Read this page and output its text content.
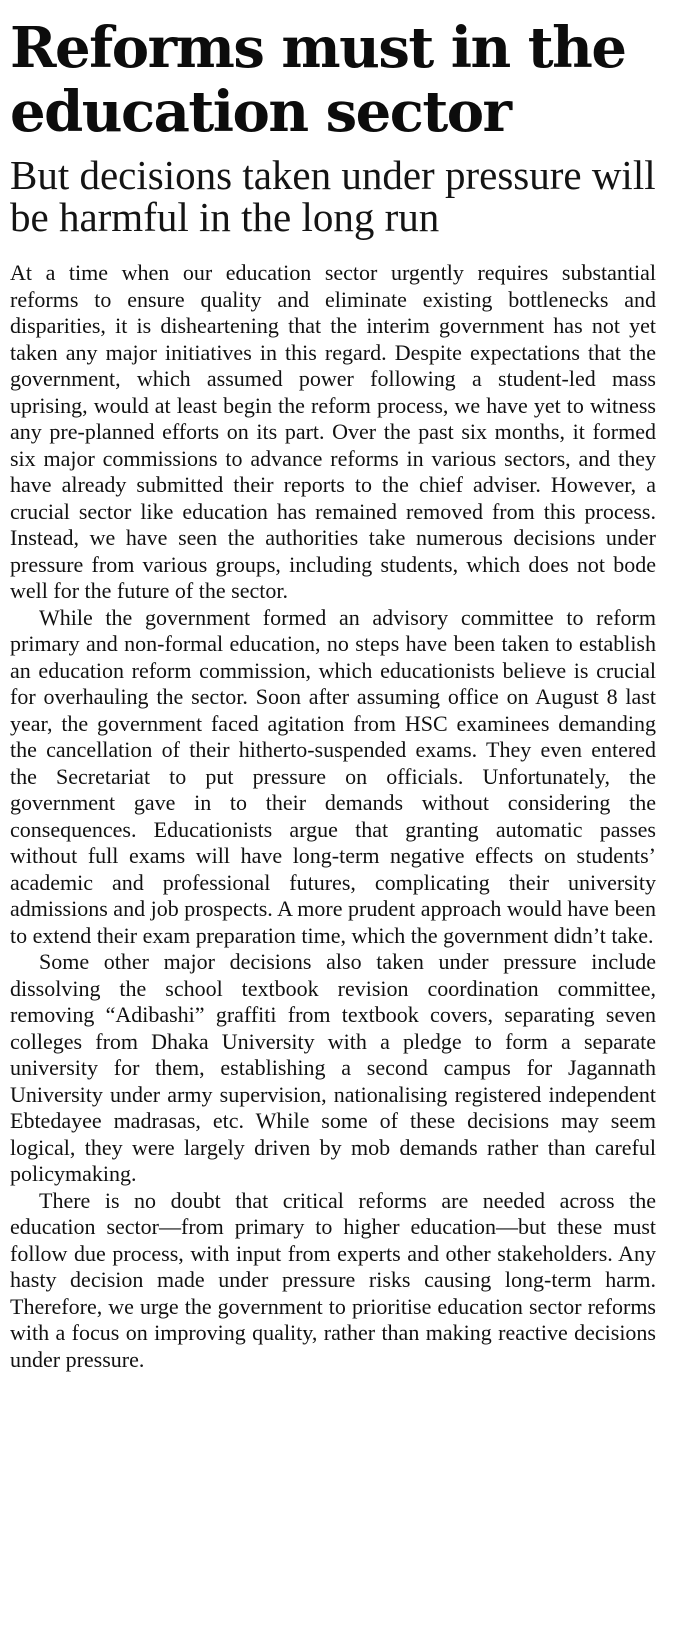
Reforms must in the education sector
But decisions taken under pressure will be harmful in the long run

At a time when our education sector urgently requires substantial reforms to ensure quality and eliminate existing bottlenecks and disparities, it is disheartening that the interim government has not yet taken any major initiatives in this regard. Despite expectations that the government, which assumed power following a student-led mass uprising, would at least begin the reform process, we have yet to witness any pre-planned efforts on its part. Over the past six months, it formed six major commissions to advance reforms in various sectors, and they have already submitted their reports to the chief adviser. However, a crucial sector like education has remained removed from this process. Instead, we have seen the authorities take numerous decisions under pressure from various groups, including students, which does not bode well for the future of the sector.

While the government formed an advisory committee to reform primary and non-formal education, no steps have been taken to establish an education reform commission, which educationists believe is crucial for overhauling the sector. Soon after assuming office on August 8 last year, the government faced agitation from HSC examinees demanding the cancellation of their hitherto-suspended exams. They even entered the Secretariat to put pressure on officials. Unfortunately, the government gave in to their demands without considering the consequences. Educationists argue that granting automatic passes without full exams will have long-term negative effects on students’ academic and professional futures, complicating their university admissions and job prospects. A more prudent approach would have been to extend their exam preparation time, which the government didn’t take.

Some other major decisions also taken under pressure include dissolving the school textbook revision coordination committee, removing “Adibashi” graffiti from textbook covers, separating seven colleges from Dhaka University with a pledge to form a separate university for them, establishing a second campus for Jagannath University under army supervision, nationalising registered independent Ebtedayee madrasas, etc. While some of these decisions may seem logical, they were largely driven by mob demands rather than careful policymaking.

There is no doubt that critical reforms are needed across the education sector—from primary to higher education—but these must follow due process, with input from experts and other stakeholders. Any hasty decision made under pressure risks causing long-term harm. Therefore, we urge the government to prioritise education sector reforms with a focus on improving quality, rather than making reactive decisions under pressure.
